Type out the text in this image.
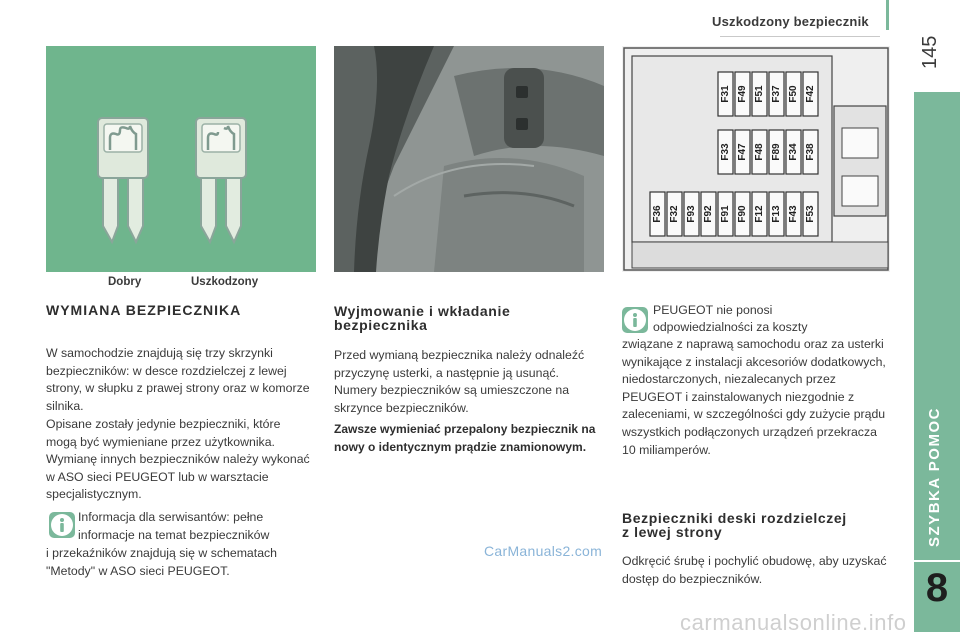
Uszkodzony bezpiecznik
145
SZYBKA POMOC
8
Dobry	Uszkodzony
F31 F49 F51 F37 F50 F42
F33 F47 F48 F89 F34 F38
F36 F32 F93 F92 F91 F90 F12 F13 F43 F53
WYMIANA BEZPIECZNIKA

W samochodzie znajdują się trzy skrzynki bezpieczników: w desce rozdzielczej z lewej strony, w słupku z prawej strony oraz w komorze silnika.

Opisane zostały jedynie bezpieczniki, które mogą być wymieniane przez użytkownika. Wymianę innych bezpieczników należy wykonać w ASO sieci PEUGEOT lub w warsztacie specjalistycznym.

Informacja dla serwisantów: pełne

informacje na temat bezpieczników

i przekaźników znajdują się w schematach "Metody" w ASO sieci PEUGEOT.

Wyjmowanie i wkładanie
bezpiecznika

Przed wymianą bezpiecznika należy odnaleźć przyczynę usterki, a następnie ją usunąć. Numery bezpieczników są umieszczone na skrzynce bezpieczników.

Zawsze wymieniać przepalony bezpiecznik na nowy o identycznym prądzie znamionowym.

PEUGEOT nie ponosi

odpowiedzialności za koszty

związane z naprawą samochodu oraz za usterki wynikające z instalacji akcesoriów dodatkowych, niedostarczonych, niezalecanych przez PEUGEOT i zainstalowanych niezgodnie z zaleceniami, w szczególności gdy zużycie prądu wszystkich podłączonych urządzeń przekracza 10 miliamperów.

Bezpieczniki deski rozdzielczej
z lewej strony

Odkręcić śrubę i pochylić obudowę, aby uzyskać dostęp do bezpieczników.

CarManuals2.com
carmanualsonline.info
